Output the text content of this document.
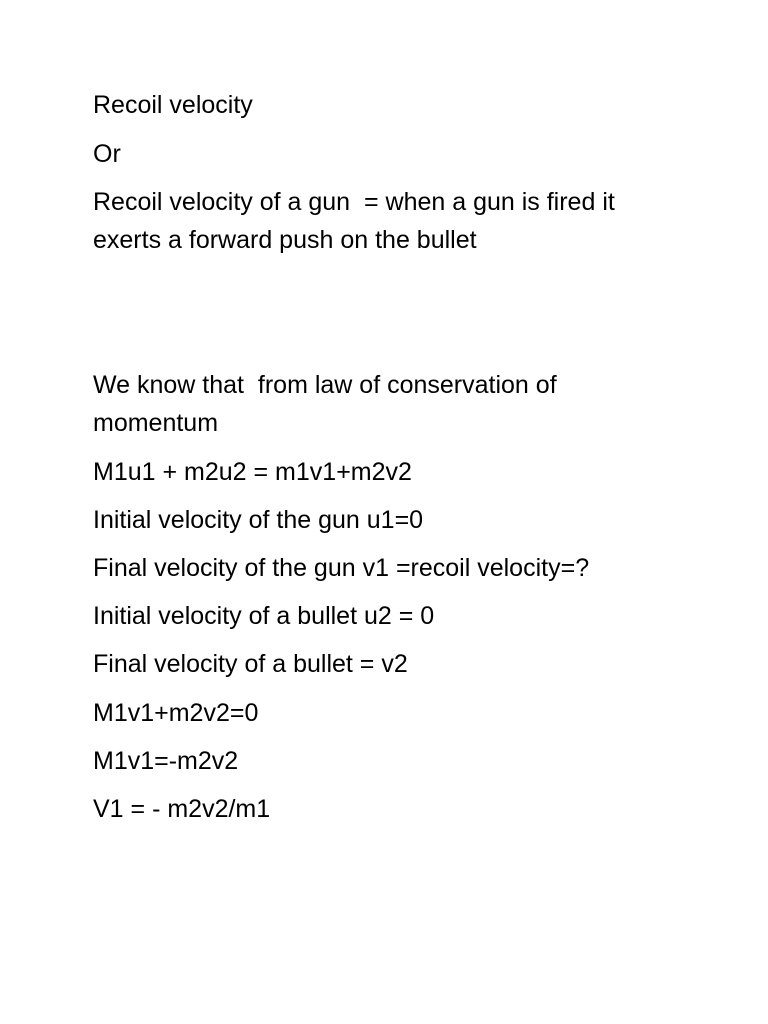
Recoil velocity

Or

Recoil velocity of a gun  = when a gun is fired it exerts a forward push on the bullet

We know that  from law of conservation of momentum

M1u1 + m2u2 = m1v1+m2v2

Initial velocity of the gun u1=0

Final velocity of the gun v1 =recoil velocity=?

Initial velocity of a bullet u2 = 0

Final velocity of a bullet = v2

M1v1+m2v2=0

M1v1=-m2v2

V1 = - m2v2/m1
